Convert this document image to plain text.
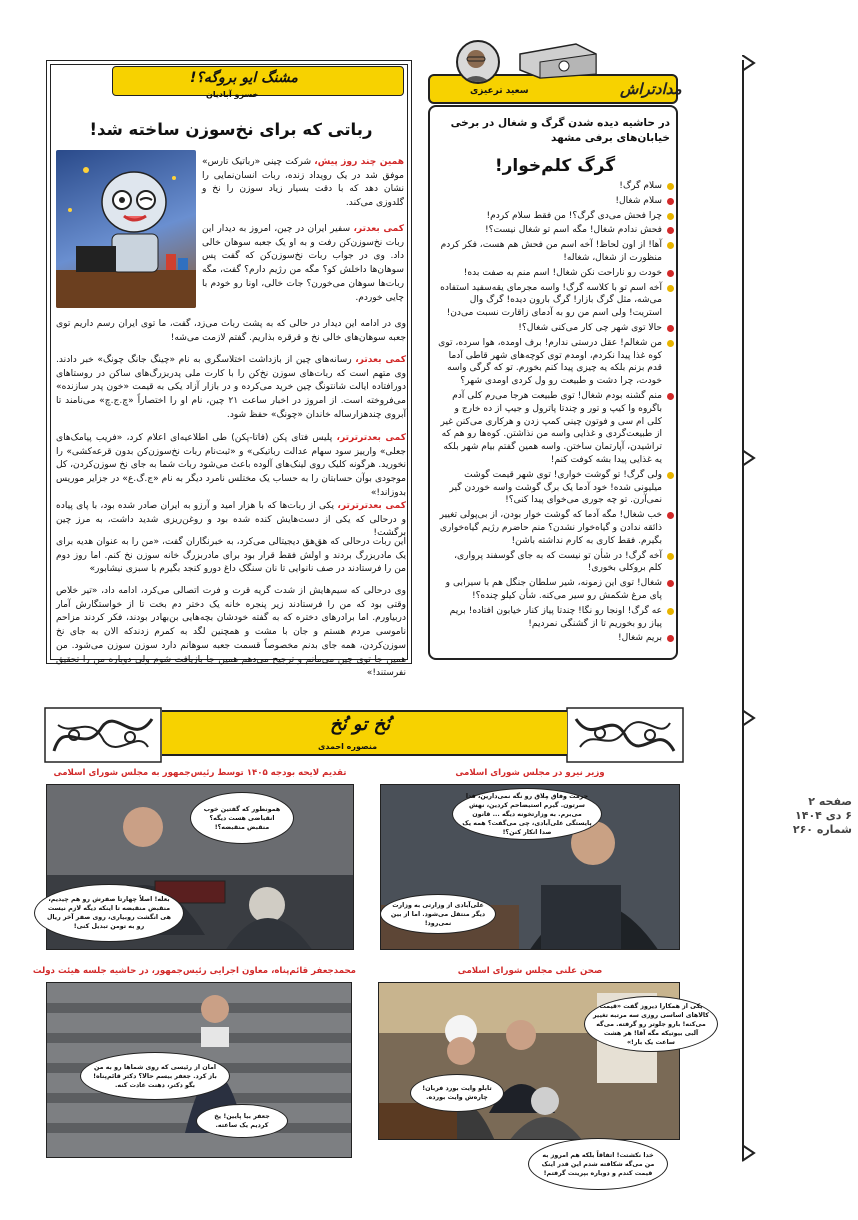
صفحه ۲
۶ دی ۱۴۰۴
شماره ۲۶۰
مدادتراش
سعید ترعیزی
در حاشیه دیده شدن گرگ و شغال در برخی خیابان‌های برفی مشهد
گرگ کلم‌خوار!
سلام گرگ!
سلام شغال!
چرا فحش می‌دی گرگ؟! من فقط سلام کردم!
فحش ندادم شغال! مگه اسم تو شغال نیست؟!
آها! از اون لحاظ! آخه اسم من فحش هم هست، فکر کردم منظورت از شغال، شغاله!
خودت رو ناراحت نکن شغال! اسم منم به صفت بده!
آخه اسم تو با کلاسه گرگ! واسه مجرمای یقه‌سفید استفاده می‌شه، مثل گرگ بازار! گرگ بارون دیده! گرگ وال استریت! ولی اسم من رو به آدمای زاقارت نسبت می‌دن!
حالا توی شهر چی کار می‌کنی شغال؟!
من شغالم! عقل درستی ندارم! برف اومده، هوا سرده، توی کوه غذا پیدا نکردم، اومدم توی کوچه‌های شهر قاطی آدما قدم بزنم بلکه یه چیزی پیدا کنم بخورم. تو که گرگی واسه خودت، چرا دشت و طبیعت رو ول کردی اومدی شهر؟
منم گشنه بودم شغال! توی طبیعت هرجا می‌رم کلی آدم باگروه وا کیپ و تور و چندتا پاترول و جیپ از ده خارج و کلی ام سی و فوتون چینی کمپ زدن و هرکاری می‌کنن غیر از طبیعت‌گردی و غذایی واسه من نذاشتن. کوه‌ها رو هم که تراشیدن، آپارتمان ساختن. واسه همین گفتم بیام شهر بلکه یه غذایی پیدا بشه کوفت کنم!
ولی گرگ! تو گوشت خواری! توی شهر قیمت گوشت میلیونی شده! خود آدما یک برگ گوشت واسه خوردن گیر نمی‌آرن. تو چه جوری می‌خوای پیدا کنی؟!
خب شغال! مگه آدما که گوشت خوار بودن، از بی‌پولی تغییر ذائقه ندادن و گیاه‌خوار نشدن؟ منم حاضرم رژیم گیاه‌خواری بگیرم. فقط کاری به کارم نداشته باشن!
آخه گرگ! در شأن تو نیست که به جای گوسفند پرواری، کلم بروکلی بخوری!
شغال! توی این زمونه، شیر سلطان جنگل هم با سیرابی و پای مرغ شکمش رو سیر می‌کنه. شأن کیلو چنده؟!
عه گرگ! اونجا رو نگا! چندتا پیاز کنار خیابون افتاده! بریم پیاز رو بخوریم تا از گشنگی نمردیم!
بریم شغال!
مشنگ ایو بروگه؟!
خسرو آبادیان
رباتی که برای نخ‌سوزن ساخته شد!
همین چند روز پیش، شرکت چینی «رباتیک تارس» موفق شد در یک رویداد زنده، ربات انسان‌نمایی را نشان دهد که با دقت بسیار زیاد سوزن را نخ و گلدوزی می‌کند.
کمی بعدتر، سفیر ایران در چین، امروز به دیدار این ربات نخ‌سوزن‌کن رفت و به او یک جعبه سوهان خالی داد. وی در جواب ربات نخ‌سوزن‌کن که گفت پس سوهان‌ها داخلش کو؟ مگه من رژیم دارم؟ گفت، مگه ربات‌ها سوهان می‌خورن؟ جات خالی، اونا رو خودم با چایی خوردم.
وی در ادامه این دیدار در حالی که به پشت ربات می‌زد، گفت، ما توی ایران رسم داریم توی جعبه سوهان‌های خالی نخ و قرقره بذاریم. گفتم لازمت می‌شه!
کمی بعدتر، رسانه‌های چین از بازداشت اختلاسگری به نام «چینگ جانگ چونگ» خبر دادند. وی متهم است که ربات‌های سوزن نخ‌کن را با کارت ملی پدربزرگ‌های ساکن در روستاهای دورافتاده ایالت شانتونگ چین خرید می‌کرده و در بازار آزاد یکی به قیمت «خون پدر سازنده» می‌فروخته است. از امروز در اخبار ساعت ۲۱ چین، نام او را اختصاراً «چ.ج.چ» می‌نامند تا آبروی چندهزارساله خاندان «چونگ» حفظ شود.
کمی بعدترترتر، پلیس فتای پکن (فاتا-پکن) طی اطلاعیه‌ای اعلام کرد، «فریب پیامک‌های جعلی» وارییز سود سهام عدالت رباتیکی» و «ثبت‌نام ربات نخ‌سوزن‌کن بدون قرعه‌کشی» را نخورید. هرگونه کلیک روی لینک‌های آلوده باعث می‌شود ربات شما به جای نخ سوزن‌کردن، کل موجودی بوآن حسابتان را به حساب یک مختلس نامرد دیگر به نام «ج.گ.ع» در جزایر موریس بدوزاند!»
کمی بعدترترتر، یکی از ربات‌ها که با هزار امید و آرزو به ایران صادر شده بود، با پای پیاده و درحالی که یکی از دست‌هایش کنده شده بود و روغن‌ریزی شدید داشت، به مرز چین برگشت!
این ربات درحالی که هق‌هق دیجیتالی می‌کرد، به خبرنگاران گفت، «من را به عنوان هدیه برای یک مادربزرگ بردند و اولش فقط قرار بود برای مادربزرگ خانه سوزن نخ کنم. اما روز دوم من را فرستادند در صف نانوایی تا نان سنگک داغ دورو کنجد بگیرم با سبزی نیشابور»
وی درحالی که سیم‌هایش از شدت گریه قرت و فرت اتصالی می‌کرد، ادامه داد، «تیر خلاص وقتی بود که من را فرستادند زیر پنجره خانه یک دختر دم بخت تا از خواستگارش آمار دربیاورم. اما برادرهای دختره که به گفته خودشان بچه‌هایی بن‌بهادر بودند، فکر کردند مزاحم ناموسی مردم هستم و جان با مشت و همچنین لگد به کمرم زدندکه الان به جای نخ سوزن‌کردن، همه جای بدنم مخصوصاً قسمت جعبه سوهانم دارد سوزن سوزن می‌شود. من همین جا توی چین می‌مانم و ترجیح می‌دهم همین جا بازیافت شوم ولی دوباره من را تحقیق نفرستند!»
نُخ تو نُخ
منصوره احمدی
وزیر نیرو در مجلس شورای اسلامی
حرمت وفاق مِلاق رو نگه نمی‌دارین، فدا سرتون. گیرم استیضاحم کردین، نهش می‌برم. به وزارتخونه دیگه ... قانون پایستگی علی‌آبادی، چی می‌گفت؟ همه یک صدا انکار کنن؟!
علی‌آبادی از وزارتی به وزارت دیگر منتقل می‌شود. اما از بین نمی‌رود!
تقدیم لایحه بودجه ۱۴۰۵ توسط رئیس‌جمهور به مجلس شورای اسلامی
همونطور که گفتین خوب انقباضی هست دیگه؟ منقبض منقبضه؟!
بعله! اصلاً چهارتا صفرش رو هم چیدیم، منقبض منقبضه تا اینکه دیگه لازم نیست هی انگشت روبیاری، روی صفر آخر ریال رو به تومن تبدیل کنی!
صحن علنی مجلس شورای اسلامی
یکی از همکارا دیروز گفت «قیمت کالاهای اساسی روزی سه مرتبه تغییر می‌کنه! بارو جلوتر رو گرفته. می‌گه آلبی بیوتیکه مگه آقا! هر هشت ساعت یک بار!»
تابلو وایت بورد فربان! چاره‌ش وایت بورده.
خدا نکشتت! اتفاقاً بلکه هم امروز به من می‌گه شکافته شدم این قدر اینک قیمت کندم و دوباره بپرینت گرفتم!
محمدجعفر قائم‌پناه، معاون اجرایی رئیس‌جمهور، در حاشیه جلسه هیئت دولت
امان از رئیسی که روی شماها رو به من باز کرد. جعفر بیسم حالا؟ دکتر قائم‌پناه! بگو دکتر، دهنت عادت کنه.
جعفر بیا پایین! یخ کردیم یک ساعته.
